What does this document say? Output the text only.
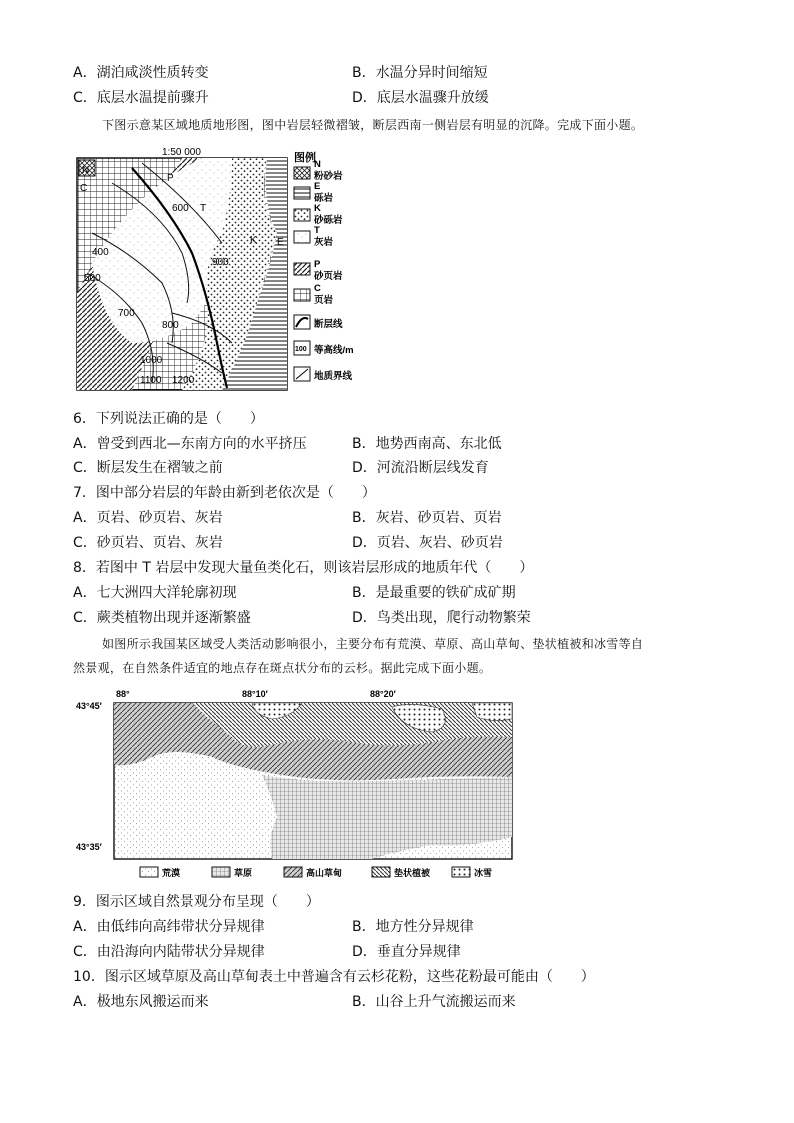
A．湖泊咸淡性质转变	B．水温分异时间缩短
C．底层水温提前骤升	D．底层水温骤升放缓
下图示意某区域地质地形图，图中岩层轻微褶皱，断层西南一侧岩层有明显的沉降。完成下面小题。
1:50 000
N
C
P
T
K E
400
500
600
700
800
900
1000
1100 1200
图例
N
粉砂岩
E
砾岩
K
砂砾岩
T
灰岩
P
砂页岩
C
页岩
断层线
100 等高线/m
地质界线
6．下列说法正确的是（　　）
A．曾受到西北—东南方向的水平挤压	B．地势西南高、东北低
C．断层发生在褶皱之前	D．河流沿断层线发育
7．图中部分岩层的年龄由新到老依次是（　　）
A．页岩、砂页岩、灰岩	B．灰岩、砂页岩、页岩
C．砂页岩、页岩、灰岩	D．页岩、灰岩、砂页岩
8．若图中 T 岩层中发现大量鱼类化石，则该岩层形成的地质年代（　　）
A．七大洲四大洋轮廓初现	B．是最重要的铁矿成矿期
C．蕨类植物出现并逐渐繁盛	D．鸟类出现，爬行动物繁荣
如图所示我国某区域受人类活动影响很小，主要分布有荒漠、草原、高山草甸、垫状植被和冰雪等自
然景观，在自然条件适宜的地点存在斑点状分布的云杉。据此完成下面小题。
88°	88°10′	88°20′
43°45′
43°35′
荒漠	草原	高山草甸	垫状植被	冰雪
9．图示区域自然景观分布呈现（　　）
A．由低纬向高纬带状分异规律	B．地方性分异规律
C．由沿海向内陆带状分异规律	D．垂直分异规律
10．图示区域草原及高山草甸表土中普遍含有云杉花粉，这些花粉最可能由（　　）
A．极地东风搬运而来	B．山谷上升气流搬运而来
